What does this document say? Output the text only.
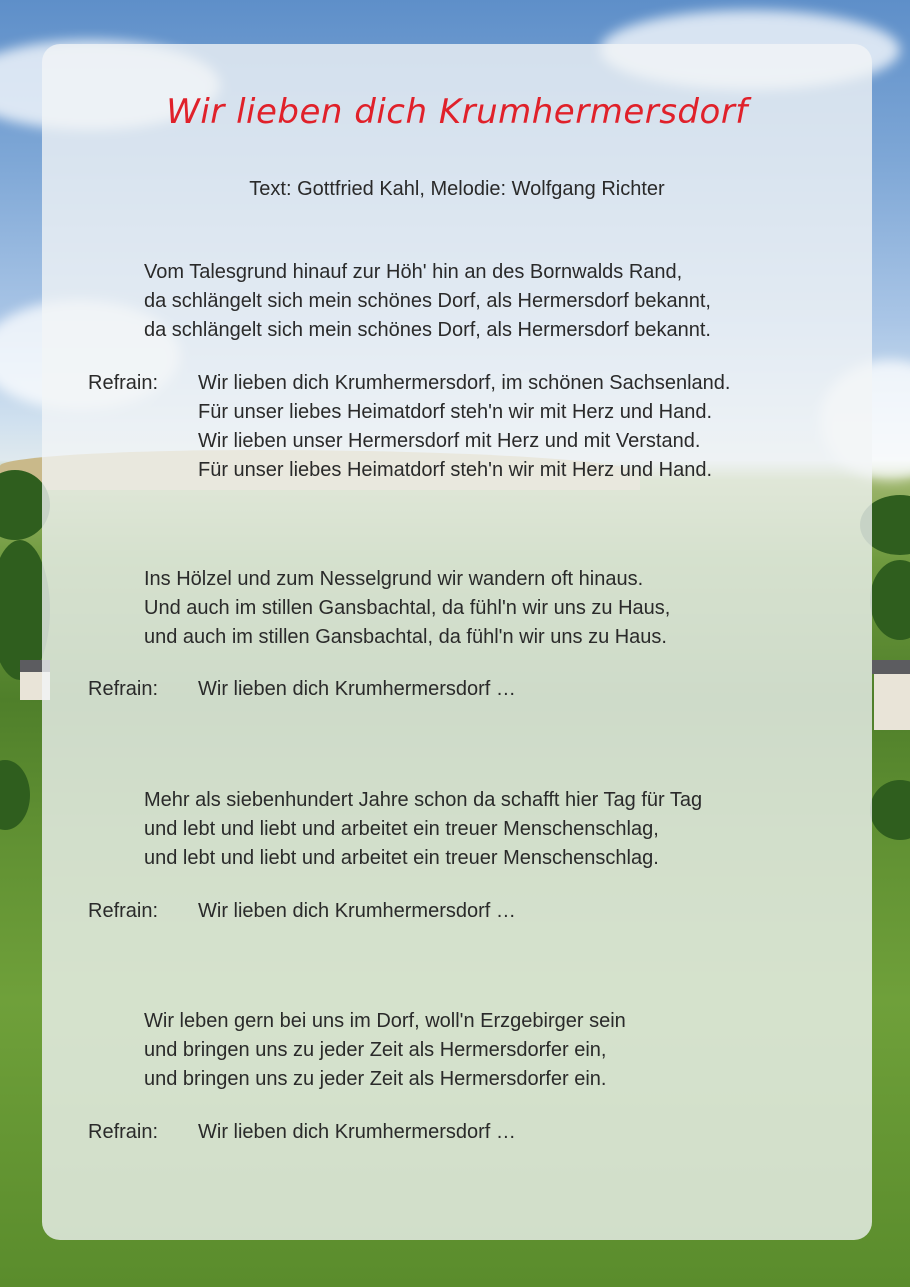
Wir lieben dich Krumhermersdorf
Text: Gottfried Kahl, Melodie: Wolfgang Richter
Vom Talesgrund hinauf zur Höh' hin an des Bornwalds Rand,
da schlängelt sich mein schönes Dorf, als Hermersdorf bekannt,
da schlängelt sich mein schönes Dorf, als Hermersdorf bekannt.
Refrain: Wir lieben dich Krumhermersdorf, im schönen Sachsenland.
Für unser liebes Heimatdorf steh'n wir mit Herz und Hand.
Wir lieben unser Hermersdorf mit Herz und mit Verstand.
Für unser liebes Heimatdorf steh'n wir mit Herz und Hand.
Ins Hölzel und zum Nesselgrund wir wandern oft hinaus.
Und auch im stillen Gansbachtal, da fühl'n wir uns zu Haus,
und auch im stillen Gansbachtal, da fühl'n wir uns zu Haus.
Refrain: Wir lieben dich Krumhermersdorf …
Mehr als siebenhundert Jahre schon da schafft hier Tag für Tag
und lebt und liebt und arbeitet ein treuer Menschenschlag,
und lebt und liebt und arbeitet ein treuer Menschenschlag.
Refrain: Wir lieben dich Krumhermersdorf …
Wir leben gern bei uns im Dorf, woll'n Erzgebirger sein
und bringen uns zu jeder Zeit als Hermersdorfer ein,
und bringen uns zu jeder Zeit als Hermersdorfer ein.
Refrain: Wir lieben dich Krumhermersdorf …
